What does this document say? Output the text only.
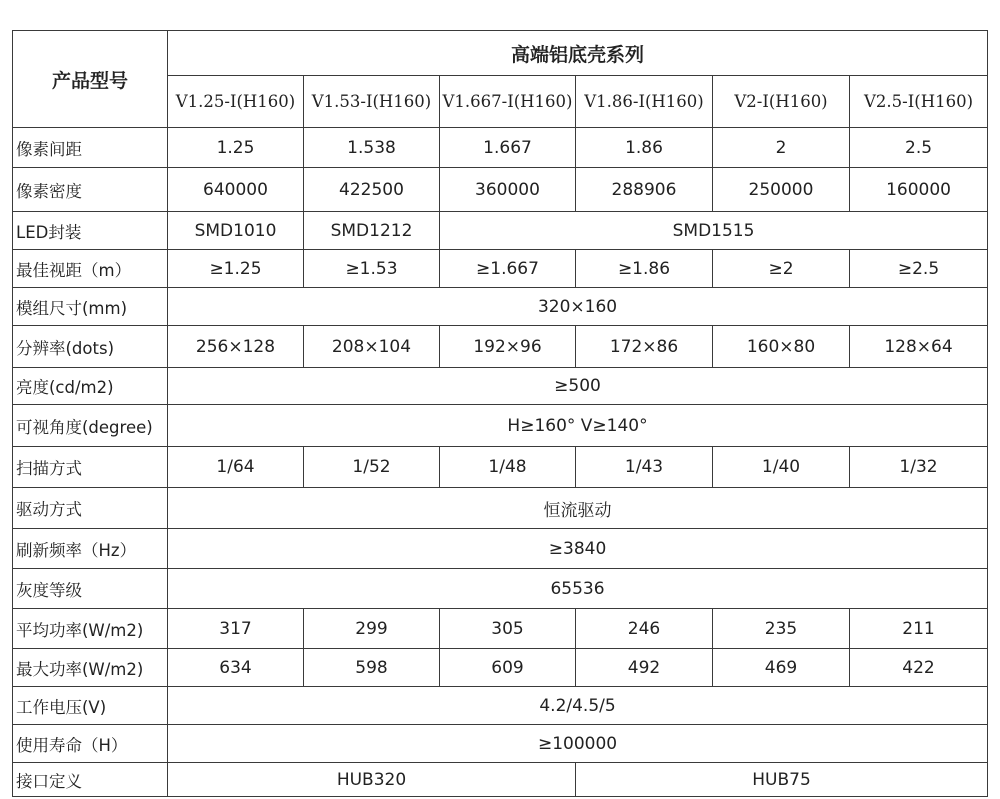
产品型号	高端铝底壳系列					
	V1.25-I(H160)	V1.53-I(H160)	V1.667-I(H160)	V1.86-I(H160)	V2-I(H160)	V2.5-I(H160)
像素间距	1.25	1.538	1.667	1.86	2	2.5
像素密度	640000	422500	360000	288906	250000	160000
LED封装	SMD1010	SMD1212	SMD1515			
最佳视距（m）	≥1.25	≥1.53	≥1.667	≥1.86	≥2	≥2.5
模组尺寸(mm)	320×160					
分辨率(dots)	256×128	208×104	192×96	172×86	160×80	128×64
亮度(cd/m2)	≥500					
可视角度(degree)	H≥160° V≥140°					
扫描方式	1/64	1/52	1/48	1/43	1/40	1/32
驱动方式	恒流驱动					
刷新频率（Hz）	≥3840					
灰度等级	65536					
平均功率(W/m2)	317	299	305	246	235	211
最大功率(W/m2)	634	598	609	492	469	422
工作电压(V)	4.2/4.5/5					
使用寿命（H）	≥100000					
接口定义	HUB320			HUB75		
